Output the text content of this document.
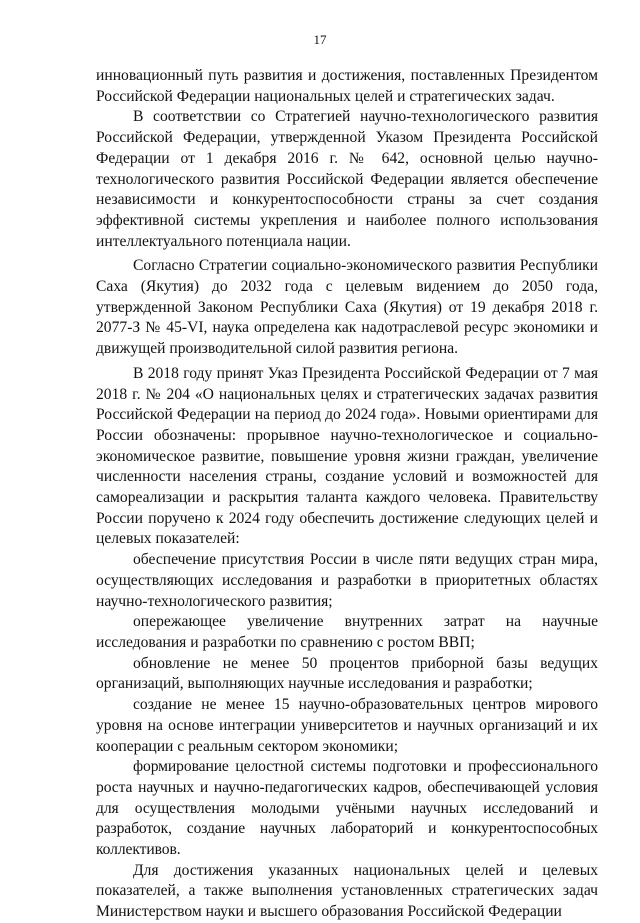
17

инновационный путь развития и достижения, поставленных Президентом Российской Федерации национальных целей и стратегических задач.

В соответствии со Стратегией научно-технологического развития Российской Федерации, утвержденной Указом Президента Российской Федерации от 1 декабря 2016 г. № 642, основной целью научно-технологического развития Российской Федерации является обеспечение независимости и конкурентоспособности страны за счет создания эффективной системы укрепления и наиболее полного использования интеллектуального потенциала нации.

Согласно Стратегии социально-экономического развития Республики Саха (Якутия) до 2032 года с целевым видением до 2050 года, утвержденной Законом Республики Саха (Якутия) от 19 декабря 2018 г. 2077-З № 45-VI, наука определена как надотраслевой ресурс экономики и движущей производительной силой развития региона.

В 2018 году принят Указ Президента Российской Федерации от 7 мая 2018 г. № 204 «О национальных целях и стратегических задачах развития Российской Федерации на период до 2024 года». Новыми ориентирами для России обозначены: прорывное научно-технологическое и социально-экономическое развитие, повышение уровня жизни граждан, увеличение численности населения страны, создание условий и возможностей для самореализации и раскрытия таланта каждого человека. Правительству России поручено к 2024 году обеспечить достижение следующих целей и целевых показателей:

обеспечение присутствия России в числе пяти ведущих стран мира, осуществляющих исследования и разработки в приоритетных областях научно-технологического развития;

опережающее увеличение внутренних затрат на научные исследования и разработки по сравнению с ростом ВВП;

обновление не менее 50 процентов приборной базы ведущих организаций, выполняющих научные исследования и разработки;

создание не менее 15 научно-образовательных центров мирового уровня на основе интеграции университетов и научных организаций и их кооперации с реальным сектором экономики;

формирование целостной системы подготовки и профессионального роста научных и научно-педагогических кадров, обеспечивающей условия для осуществления молодыми учёными научных исследований и разработок, создание научных лабораторий и конкурентоспособных коллективов.

Для достижения указанных национальных целей и целевых показателей, а также выполнения установленных стратегических задач Министерством науки и высшего образования Российской Федерации
